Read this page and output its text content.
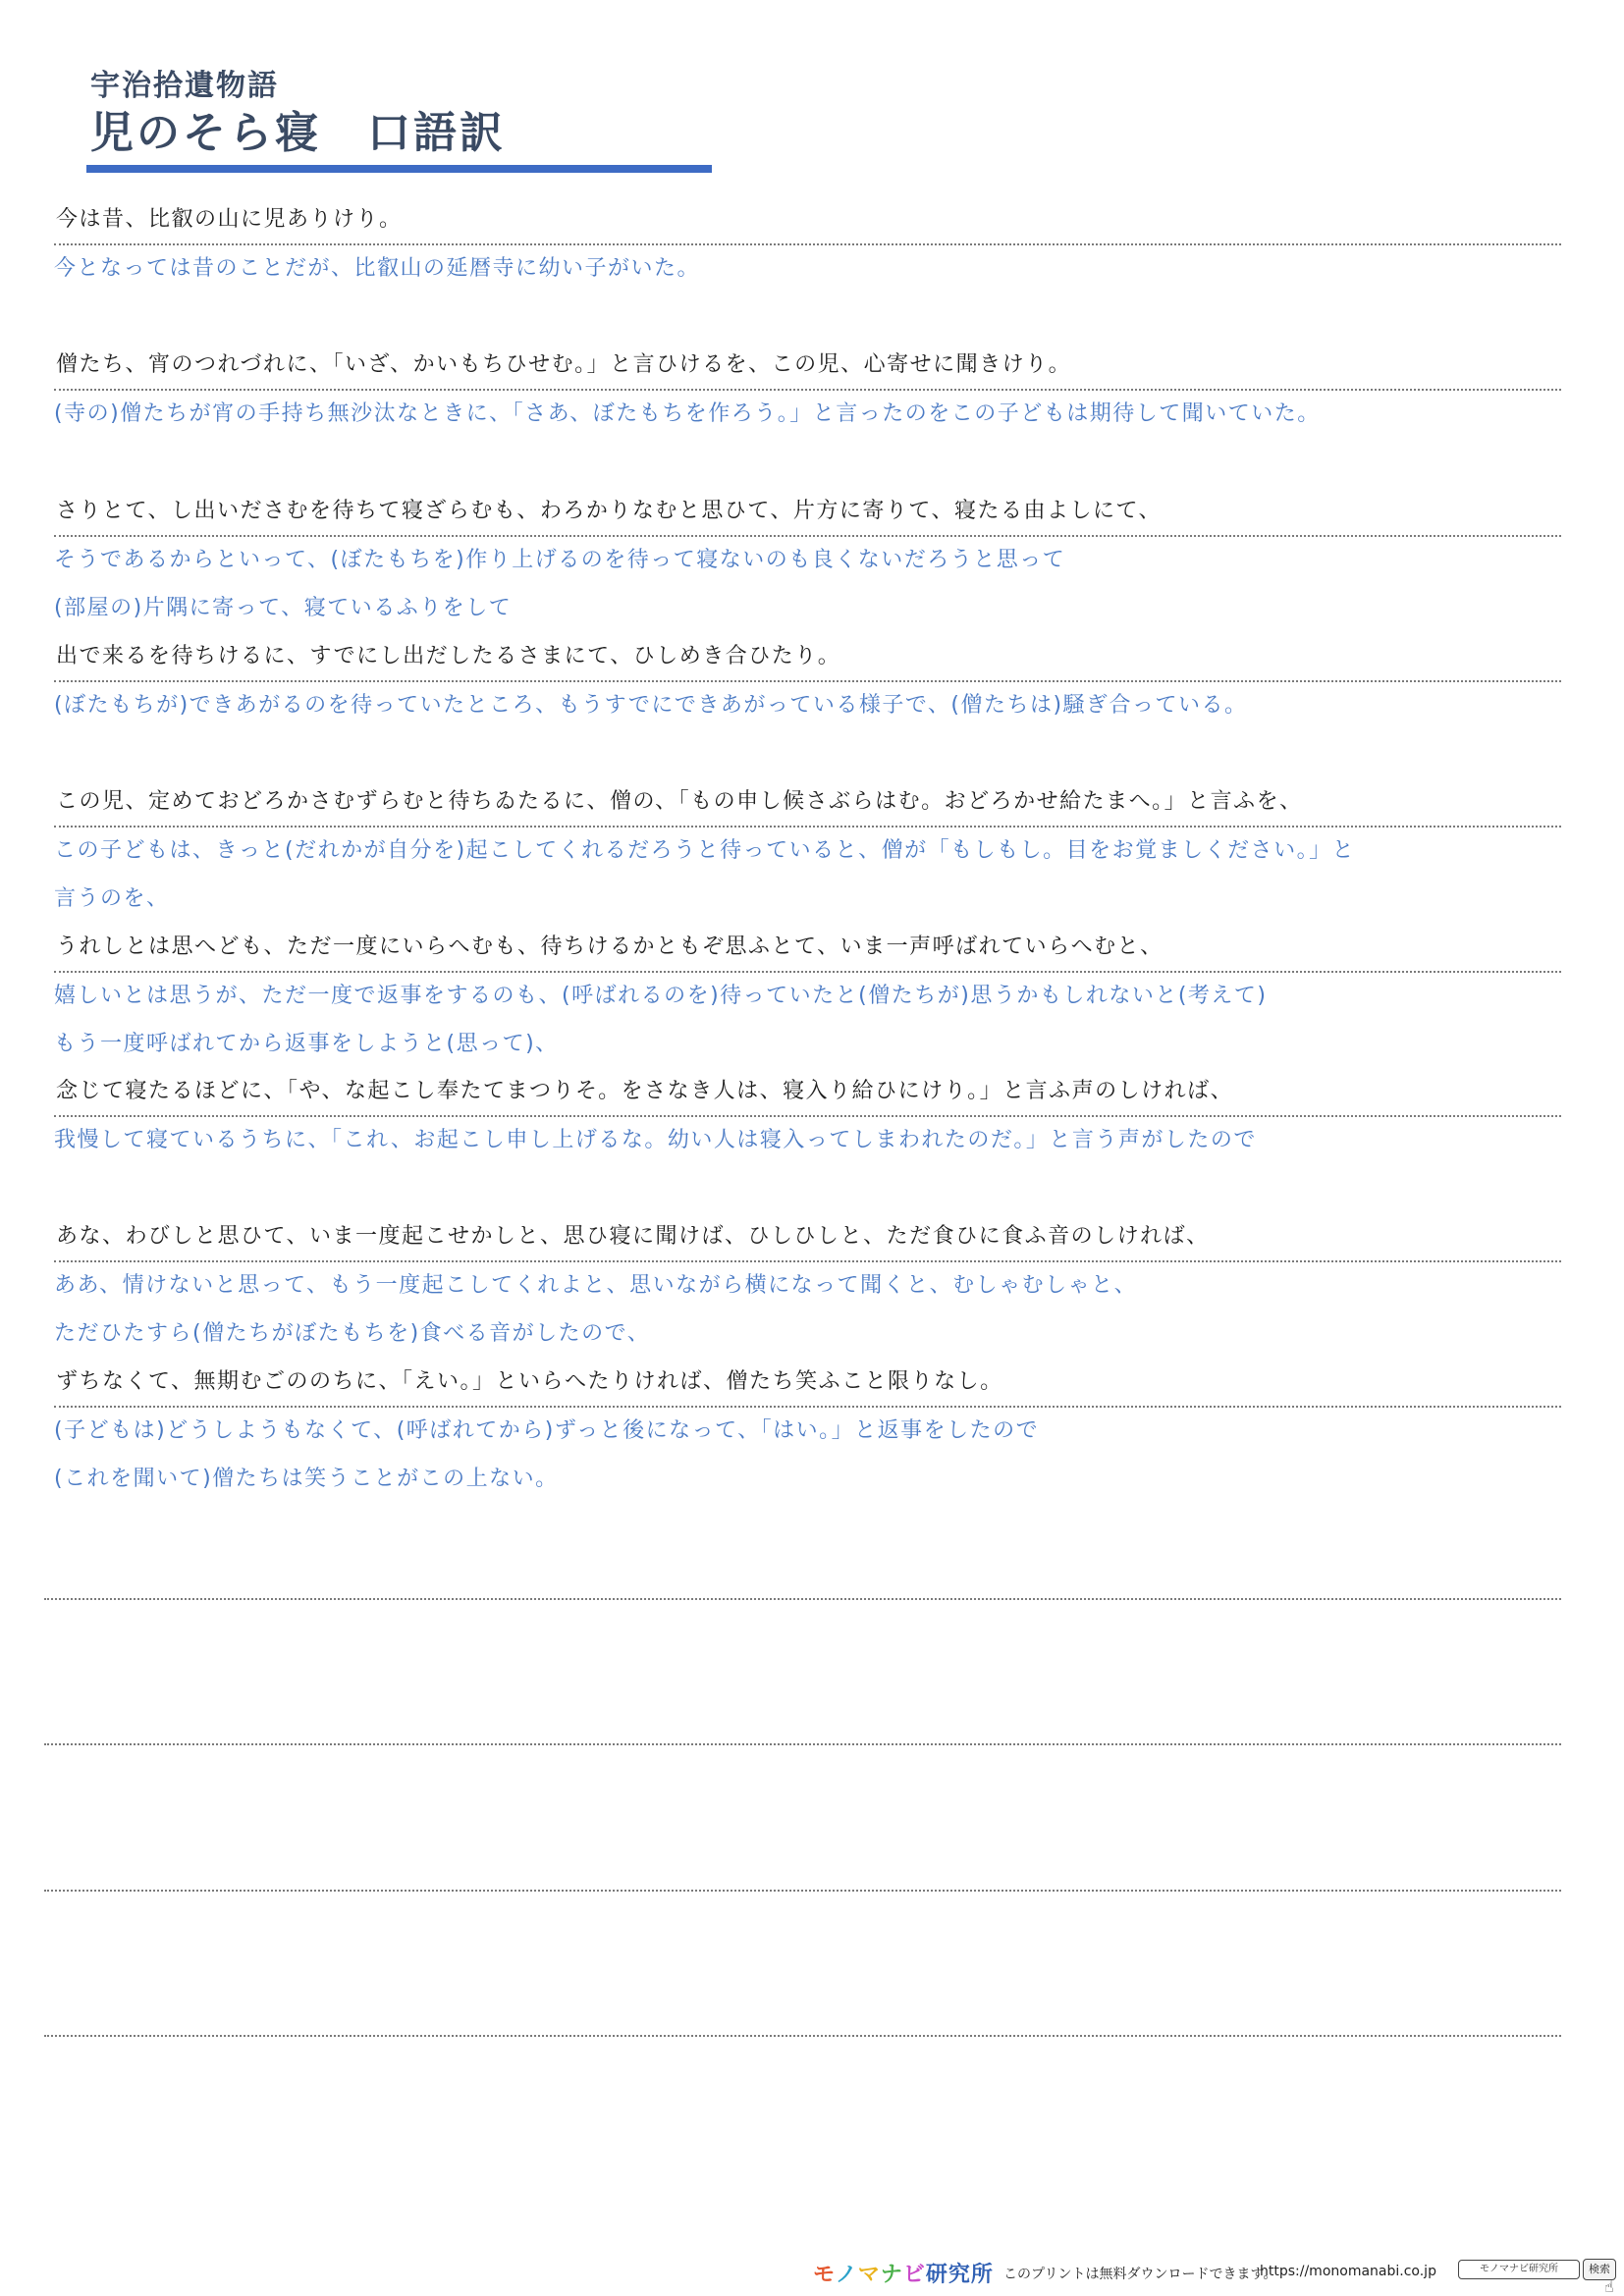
宇治拾遺物語
児のそら寝　口語訳
今は昔、比叡の山に児ありけり。
今となっては昔のことだが、比叡山の延暦寺に幼い子がいた。
僧たち、宵のつれづれに、「いざ、かいもちひせむ。」と言ひけるを、この児、心寄せに聞きけり。
(寺の)僧たちが宵の手持ち無沙汰なときに、「さあ、ぼたもちを作ろう。」と言ったのをこの子どもは期待して聞いていた。
さりとて、し出いださむを待ちて寝ざらむも、わろかりなむと思ひて、片方に寄りて、寝たる由よしにて、
そうであるからといって、(ぼたもちを)作り上げるのを待って寝ないのも良くないだろうと思って
(部屋の)片隅に寄って、寝ているふりをして
出で来るを待ちけるに、すでにし出だしたるさまにて、ひしめき合ひたり。
(ぼたもちが)できあがるのを待っていたところ、もうすでにできあがっている様子で、(僧たちは)騒ぎ合っている。
この児、定めておどろかさむずらむと待ちゐたるに、僧の、「もの申し候さぶらはむ。おどろかせ給たまへ。」と言ふを、
この子どもは、きっと(だれかが自分を)起こしてくれるだろうと待っていると、僧が「もしもし。目をお覚ましください。」と
言うのを、
うれしとは思へども、ただ一度にいらへむも、待ちけるかともぞ思ふとて、いま一声呼ばれていらへむと、
嬉しいとは思うが、ただ一度で返事をするのも、(呼ばれるのを)待っていたと(僧たちが)思うかもしれないと(考えて)
もう一度呼ばれてから返事をしようと(思って)、
念じて寝たるほどに、「や、な起こし奉たてまつりそ。をさなき人は、寝入り給ひにけり。」と言ふ声のしければ、
我慢して寝ているうちに、「これ、お起こし申し上げるな。幼い人は寝入ってしまわれたのだ。」と言う声がしたので
あな、わびしと思ひて、いま一度起こせかしと、思ひ寝に聞けば、ひしひしと、ただ食ひに食ふ音のしければ、
ああ、情けないと思って、もう一度起こしてくれよと、思いながら横になって聞くと、むしゃむしゃと、
ただひたすら(僧たちがぼたもちを)食べる音がしたので、
ずちなくて、無期むごののちに、「えい。」といらへたりければ、僧たち笑ふこと限りなし。
(子どもは)どうしようもなくて、(呼ばれてから)ずっと後になって、「はい。」と返事をしたので
(これを聞いて)僧たちは笑うことがこの上ない。
モノマナビ研究所 このプリントは無料ダウンロードできます。
https://monomanabi.co.jp	モノマナビ研究所	検索
☝
